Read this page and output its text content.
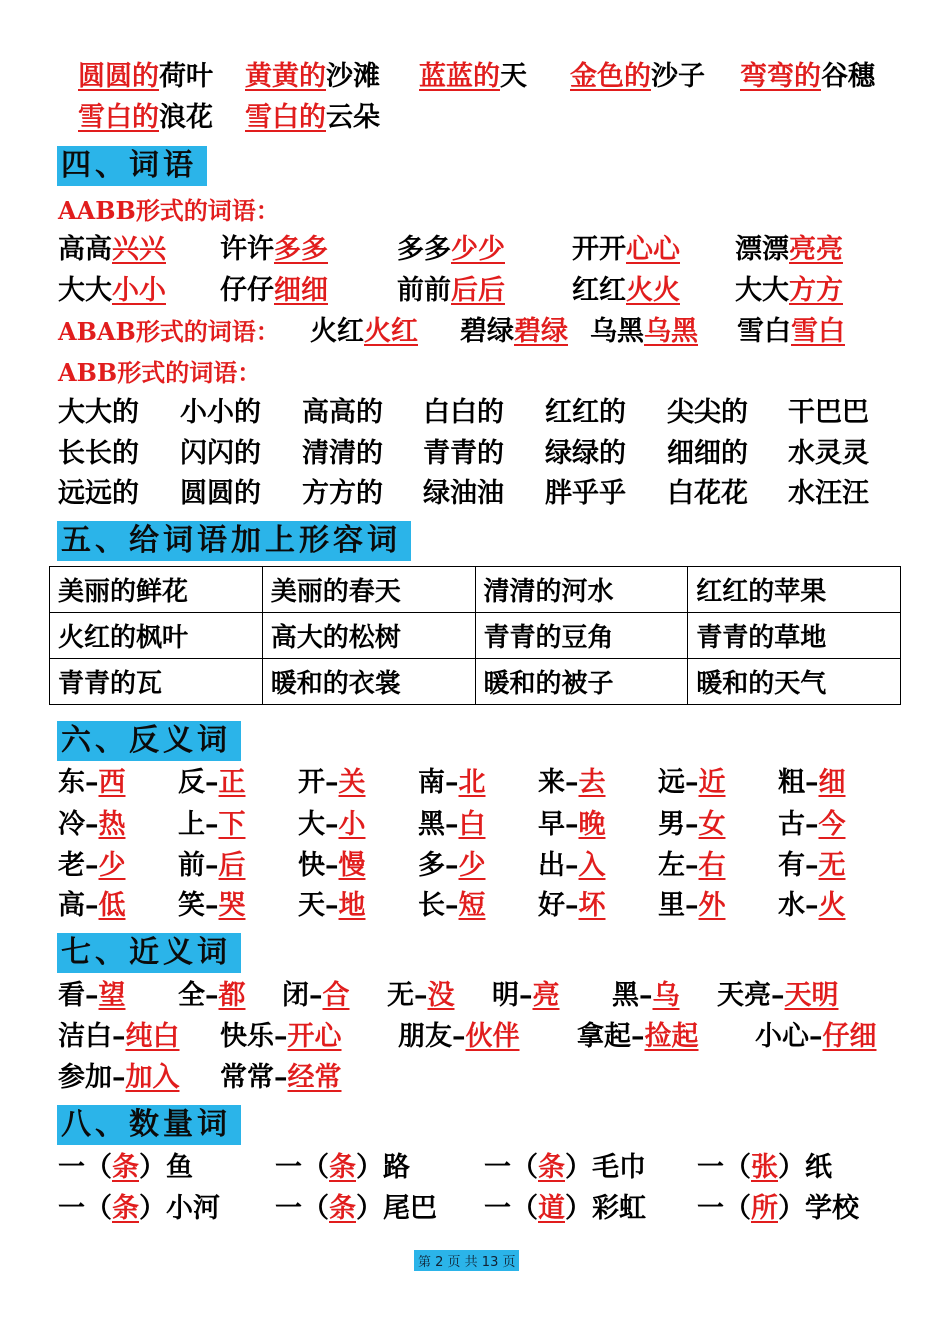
圆圆的荷叶 黄黄的沙滩 蓝蓝的天 金色的沙子 弯弯的谷穗
雪白的浪花 雪白的云朵
四、词语
AABB形式的词语：
高高兴兴 许许多多	多多少少 开开心心 漂漂亮亮
大大小小 仔仔细细	前前后后 红红火火 大大方方
ABAB形式的词语： 火红火红 碧绿碧绿 乌黑乌黑 雪白雪白
ABB形式的词语：
大大的 小小的 高高的 白白的 红红的 尖尖的 干巴巴
长长的 闪闪的 清清的 青青的 绿绿的 细细的 水灵灵
远远的 圆圆的 方方的 绿油油 胖乎乎 白花花 水汪汪
五、给词语加上形容词
美丽的鲜花	美丽的春天	清清的河水	红红的苹果
火红的枫叶	高大的松树	青青的豆角	青青的草地
青青的瓦	暖和的衣裳	暖和的被子	暖和的天气
六、反义词
东–西 反–正 开–关 南–北 来–去 远–近 粗–细
冷–热 上–下 大–小 黑–白 早–晚 男–女 古–今
老–少 前–后 快–慢 多–少 出–入 左–右 有–无
高–低 笑–哭 天–地 长–短 好–坏 里–外 水–火
七、近义词
看–望 全–都 闭–合 无–没 明–亮 黑–乌 天亮–天明
洁白–纯白 快乐–开心 朋友–伙伴 拿起–捡起 小心–仔细
参加–加入 常常–经常
八、数量词
一（条）鱼	一（条）路	一（条）毛巾 一（张）纸
一（条）小河 一（条）尾巴 一（道）彩虹 一（所）学校
第 2 页 共 13 页
